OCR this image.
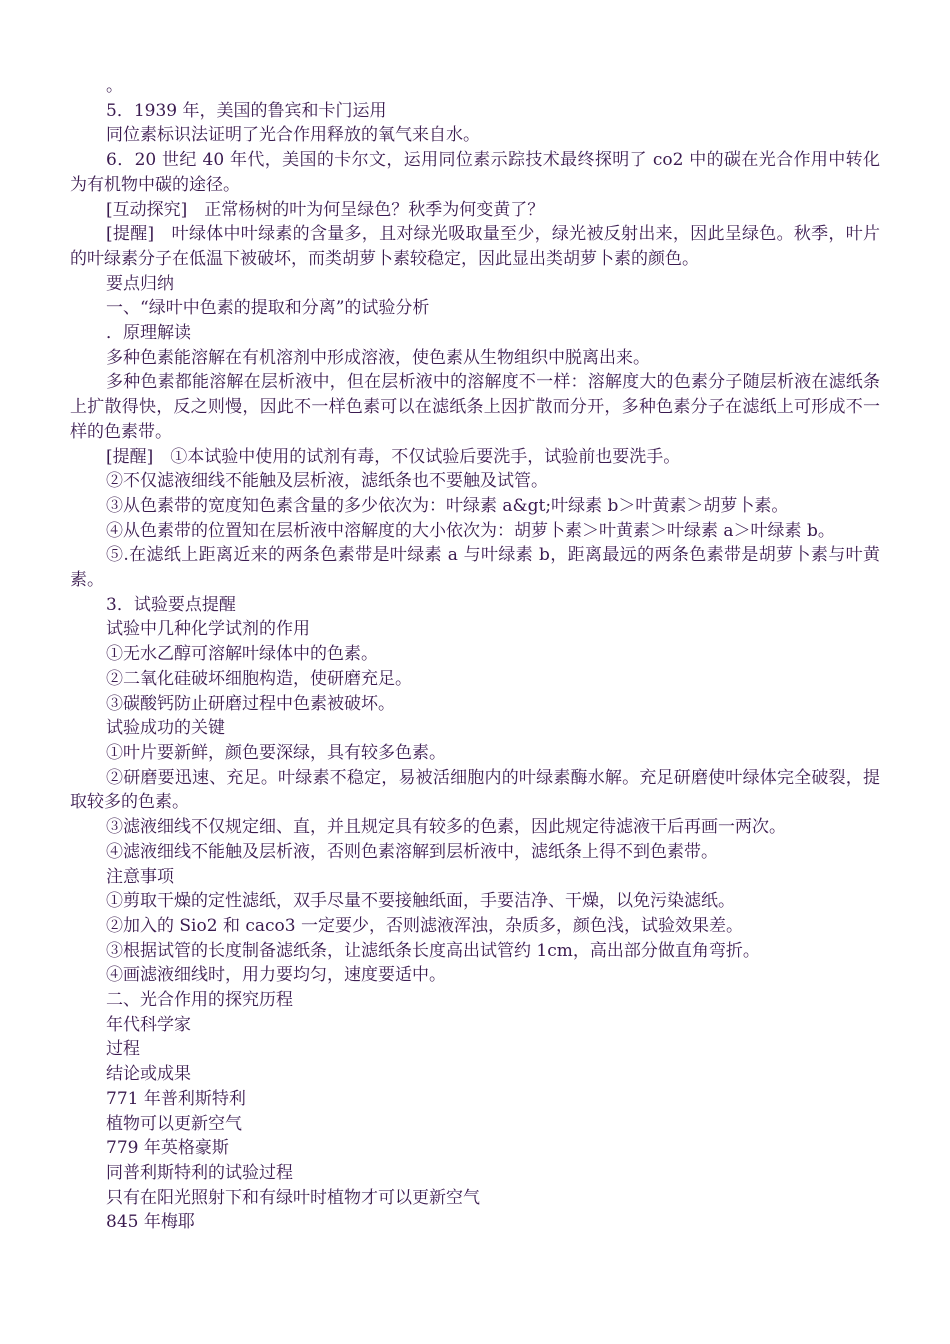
。

5．1939 年，美国的鲁宾和卡门运用

同位素标识法证明了光合作用释放的氧气来自水。

6．20 世纪 40 年代，美国的卡尔文，运用同位素示踪技术最终探明了 co2 中的碳在光合作用中转化为有机物中碳的途径。

[互动探究]　正常杨树的叶为何呈绿色？秋季为何变黄了？

[提醒]　叶绿体中叶绿素的含量多，且对绿光吸取量至少，绿光被反射出来，因此呈绿色。秋季，叶片的叶绿素分子在低温下被破坏，而类胡萝卜素较稳定，因此显出类胡萝卜素的颜色。

要点归纳

一、“绿叶中色素的提取和分离”的试验分析

．原理解读

多种色素能溶解在有机溶剂中形成溶液，使色素从生物组织中脱离出来。

多种色素都能溶解在层析液中，但在层析液中的溶解度不一样：溶解度大的色素分子随层析液在滤纸条上扩散得快，反之则慢，因此不一样色素可以在滤纸条上因扩散而分开，多种色素分子在滤纸上可形成不一样的色素带。

[提醒]　①本试验中使用的试剂有毒，不仅试验后要洗手，试验前也要洗手。

②不仅滤液细线不能触及层析液，滤纸条也不要触及试管。

③从色素带的宽度知色素含量的多少依次为：叶绿素 a&gt;叶绿素 b＞叶黄素＞胡萝卜素。

④从色素带的位置知在层析液中溶解度的大小依次为：胡萝卜素＞叶黄素＞叶绿素 a＞叶绿素 b。

⑤.在滤纸上距离近来的两条色素带是叶绿素 a 与叶绿素 b，距离最远的两条色素带是胡萝卜素与叶黄素。

3．试验要点提醒

试验中几种化学试剂的作用

①无水乙醇可溶解叶绿体中的色素。

②二氧化硅破坏细胞构造，使研磨充足。

③碳酸钙防止研磨过程中色素被破坏。

试验成功的关键

①叶片要新鲜，颜色要深绿，具有较多色素。

②研磨要迅速、充足。叶绿素不稳定，易被活细胞内的叶绿素酶水解。充足研磨使叶绿体完全破裂，提取较多的色素。

③滤液细线不仅规定细、直，并且规定具有较多的色素，因此规定待滤液干后再画一两次。

④滤液细线不能触及层析液，否则色素溶解到层析液中，滤纸条上得不到色素带。

注意事项

①剪取干燥的定性滤纸，双手尽量不要接触纸面，手要洁净、干燥，以免污染滤纸。

②加入的 Sio2 和 caco3 一定要少，否则滤液浑浊，杂质多，颜色浅，试验效果差。

③根据试管的长度制备滤纸条，让滤纸条长度高出试管约 1cm，高出部分做直角弯折。

④画滤液细线时，用力要均匀，速度要适中。

二、光合作用的探究历程

年代科学家

过程

结论或成果

771 年普利斯特利

植物可以更新空气

779 年英格豪斯

同普利斯特利的试验过程

只有在阳光照射下和有绿叶时植物才可以更新空气

845 年梅耶
